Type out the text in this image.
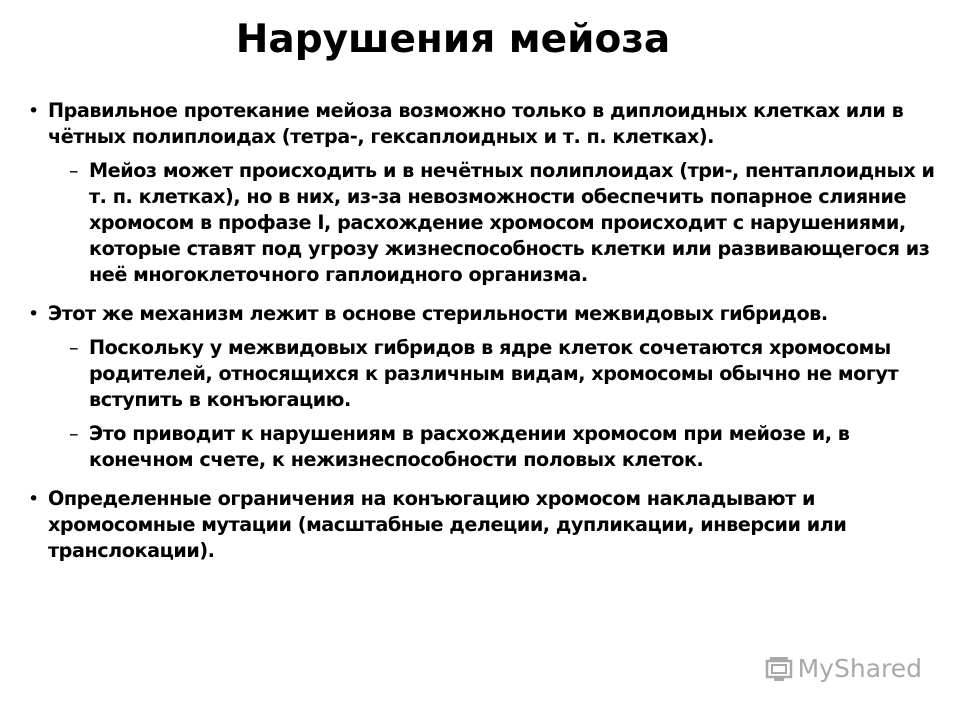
Нарушения мейоза
• Правильное протекание мейоза возможно только в диплоидных клетках или в чётных полиплоидах (тетра-, гексаплоидных и т. п. клетках).
– Мейоз может происходить и в нечётных полиплоидах (три-, пентаплоидных и т. п. клетках), но в них, из-за невозможности обеспечить попарное слияние хромосом в профазе I, расхождение хромосом происходит с нарушениями, которые ставят под угрозу жизнеспособность клетки или развивающегося из неё многоклеточного гаплоидного организма.
• Этот же механизм лежит в основе стерильности межвидовых гибридов.
– Поскольку у межвидовых гибридов в ядре клеток сочетаются хромосомы родителей, относящихся к различным видам, хромосомы обычно не могут вступить в конъюгацию.
– Это приводит к нарушениям в расхождении хромосом при мейозе и, в конечном счете, к нежизнеспособности половых клеток.
• Определенные ограничения на конъюгацию хромосом накладывают и хромосомные мутации (масштабные делеции, дупликации, инверсии или транслокации).
MyShared
